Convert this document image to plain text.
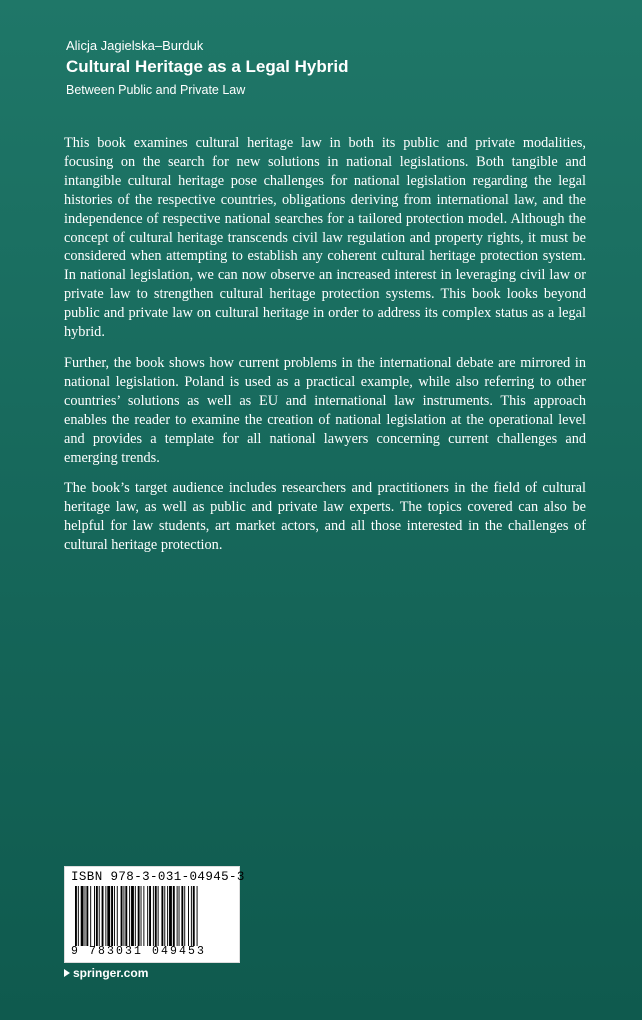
Alicja Jagielska–Burduk
Cultural Heritage as a Legal Hybrid
Between Public and Private Law

This book examines cultural heritage law in both its public and private modalities, focusing on the search for new solutions in national legislations. Both tangible and intangible cultural heritage pose challenges for national legislation regarding the legal histories of the respective countries, obligations deriving from international law, and the independence of respective national searches for a tailored protection model. Although the concept of cultural heritage transcends civil law regulation and property rights, it must be considered when attempting to establish any coherent cultural heritage protection system. In national legislation, we can now observe an increased interest in leveraging civil law or private law to strengthen cultural heritage protection systems. This book looks beyond public and private law on cultural heritage in order to address its complex status as a legal hybrid.

Further, the book shows how current problems in the international debate are mirrored in national legislation. Poland is used as a practical example, while also referring to other countries’ solutions as well as EU and international law instruments. This approach enables the reader to examine the creation of national legislation at the operational level and provides a template for all national lawyers concerning current challenges and emerging trends.

The book’s target audience includes researchers and practitioners in the field of cultural heritage law, as well as public and private law experts. The topics covered can also be helpful for law students, art market actors, and all those interested in the challenges of cultural heritage protection.

ISBN 978-3-031-04945-3
9 783031 049453
springer.com
